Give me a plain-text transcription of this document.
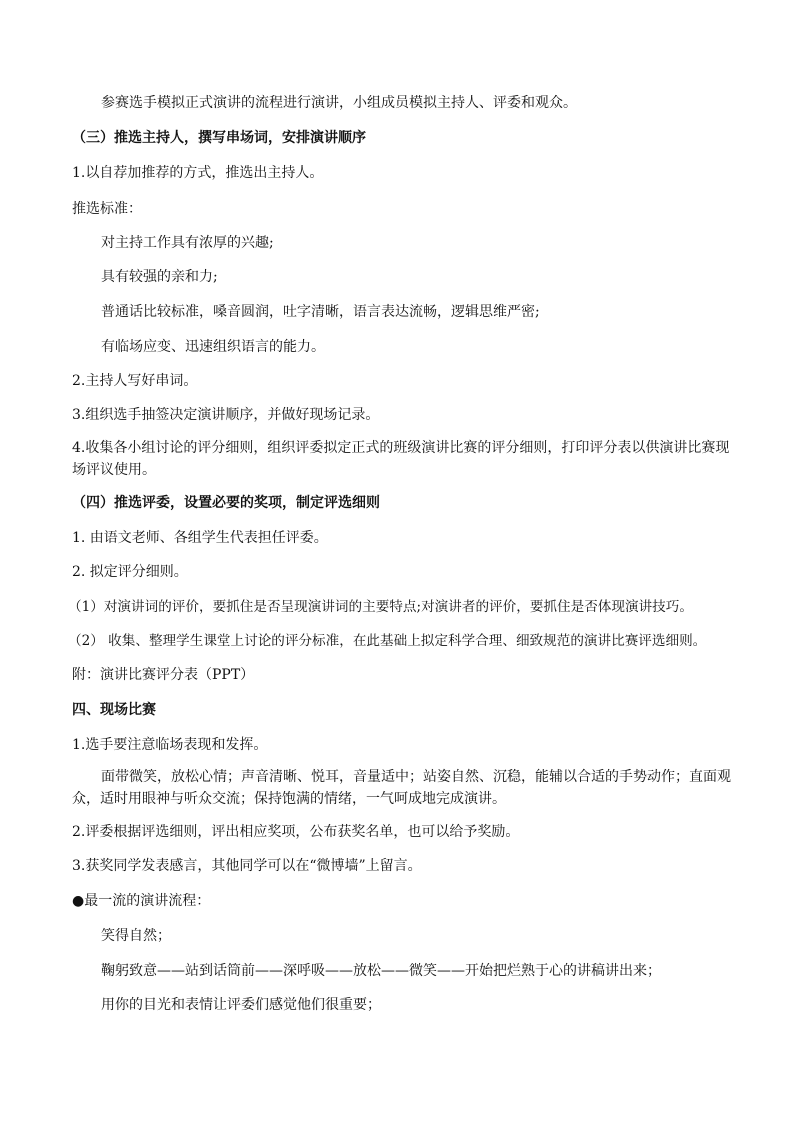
参赛选手模拟正式演讲的流程进行演讲，小组成员模拟主持人、评委和观众。
（三）推选主持人，撰写串场词，安排演讲顺序
1.以自荐加推荐的方式，推选出主持人。
推选标准：
对主持工作具有浓厚的兴趣;
具有较强的亲和力;
普通话比较标准，嗓音圆润，吐字清晰，语言表达流畅，逻辑思维严密;
有临场应变、迅速组织语言的能力。
2.主持人写好串词。
3.组织选手抽签决定演讲顺序，并做好现场记录。
4.收集各小组讨论的评分细则，组织评委拟定正式的班级演讲比赛的评分细则，打印评分表以供演讲比赛现场评议使用。
（四）推选评委，设置必要的奖项，制定评选细则
1. 由语文老师、各组学生代表担任评委。
2. 拟定评分细则。
（1）对演讲词的评价，要抓住是否呈现演讲词的主要特点;对演讲者的评价，要抓住是否体现演讲技巧。
（2） 收集、整理学生课堂上讨论的评分标准，在此基础上拟定科学合理、细致规范的演讲比赛评选细则。
附：演讲比赛评分表（PPT）
四、现场比赛
1.选手要注意临场表现和发挥。
面带微笑，放松心情；声音清晰、悦耳，音量适中；站姿自然、沉稳，能辅以合适的手势动作；直面观众，适时用眼神与听众交流；保持饱满的情绪，一气呵成地完成演讲。
2.评委根据评选细则，评出相应奖项，公布获奖名单，也可以给予奖励。
3.获奖同学发表感言，其他同学可以在“微博墙”上留言。
●最一流的演讲流程：
笑得自然；
鞠躬致意——站到话筒前——深呼吸——放松——微笑——开始把烂熟于心的讲稿讲出来；
用你的目光和表情让评委们感觉他们很重要；
